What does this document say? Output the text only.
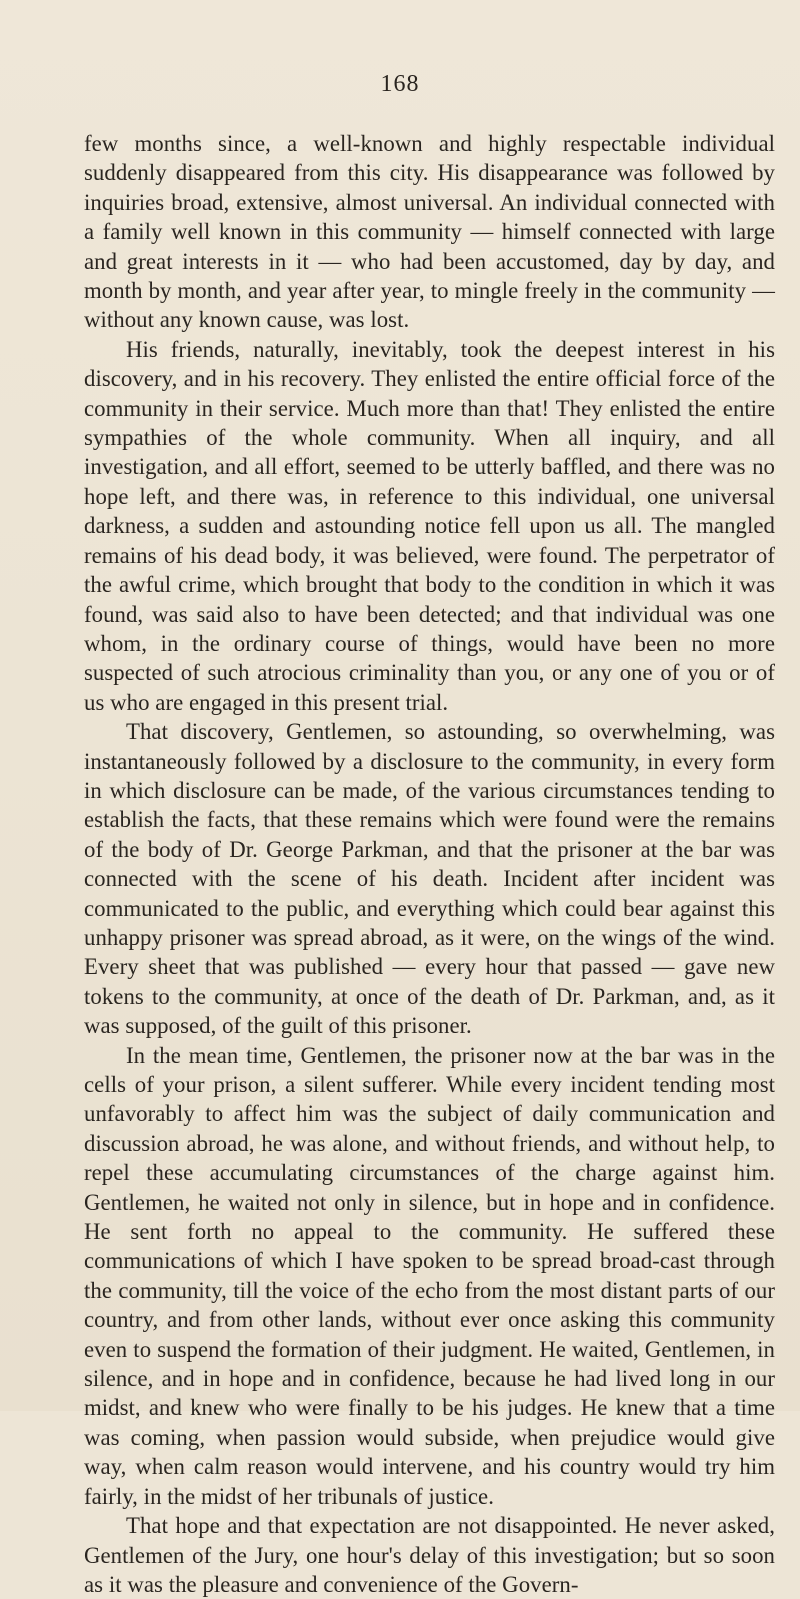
168

few months since, a well-known and highly respectable individual suddenly disappeared from this city. His disappearance was followed by inquiries broad, extensive, almost universal. An individual connected with a family well known in this community — himself connected with large and great interests in it — who had been accustomed, day by day, and month by month, and year after year, to mingle freely in the community — without any known cause, was lost.

His friends, naturally, inevitably, took the deepest interest in his discovery, and in his recovery. They enlisted the entire official force of the community in their service. Much more than that! They enlisted the entire sympathies of the whole community. When all inquiry, and all investigation, and all effort, seemed to be utterly baffled, and there was no hope left, and there was, in reference to this individual, one universal darkness, a sudden and astounding notice fell upon us all. The mangled remains of his dead body, it was believed, were found. The perpetrator of the awful crime, which brought that body to the condition in which it was found, was said also to have been detected; and that individual was one whom, in the ordinary course of things, would have been no more suspected of such atrocious criminality than you, or any one of you or of us who are engaged in this present trial.

That discovery, Gentlemen, so astounding, so overwhelming, was instantaneously followed by a disclosure to the community, in every form in which disclosure can be made, of the various circumstances tending to establish the facts, that these remains which were found were the remains of the body of Dr. George Parkman, and that the prisoner at the bar was connected with the scene of his death. Incident after incident was communicated to the public, and everything which could bear against this unhappy prisoner was spread abroad, as it were, on the wings of the wind. Every sheet that was published — every hour that passed — gave new tokens to the community, at once of the death of Dr. Parkman, and, as it was supposed, of the guilt of this prisoner.

In the mean time, Gentlemen, the prisoner now at the bar was in the cells of your prison, a silent sufferer. While every incident tending most unfavorably to affect him was the subject of daily communication and discussion abroad, he was alone, and without friends, and without help, to repel these accumulating circumstances of the charge against him. Gentlemen, he waited not only in silence, but in hope and in confidence. He sent forth no appeal to the community. He suffered these communications of which I have spoken to be spread broad-cast through the community, till the voice of the echo from the most distant parts of our country, and from other lands, without ever once asking this community even to suspend the formation of their judgment. He waited, Gentlemen, in silence, and in hope and in confidence, because he had lived long in our midst, and knew who were finally to be his judges. He knew that a time was coming, when passion would subside, when prejudice would give way, when calm reason would intervene, and his country would try him fairly, in the midst of her tribunals of justice.

That hope and that expectation are not disappointed. He never asked, Gentlemen of the Jury, one hour's delay of this investigation; but so soon as it was the pleasure and convenience of the Govern-
